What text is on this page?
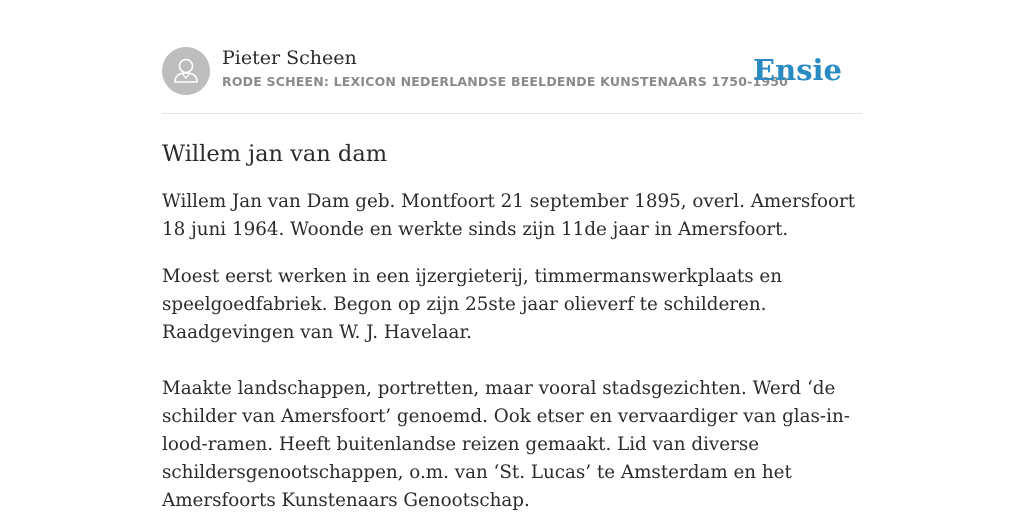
Pieter Scheen
RODE SCHEEN: LEXICON NEDERLANDSE BEELDENDE KUNSTENAARS 1750-1950
Ensie
Willem jan van dam

Willem Jan van Dam geb. Montfoort 21 september 1895, overl. Amersfoort 18 juni 1964. Woonde en werkte sinds zijn 11de jaar in Amersfoort.

Moest eerst werken in een ijzergieterij, timmermanswerkplaats en speelgoedfabriek. Begon op zijn 25ste jaar olieverf te schilderen. Raadgevingen van W. J. Havelaar.

Maakte landschappen, portretten, maar vooral stadsgezichten. Werd ‘de schilder van Amersfoort’ genoemd. Ook etser en vervaardiger van glas-in-lood-ramen. Heeft buitenlandse reizen gemaakt. Lid van diverse schildersgenootschappen, o.m. van ‘St. Lucas’ te Amsterdam en het Amersfoorts Kunstenaars Genootschap.
